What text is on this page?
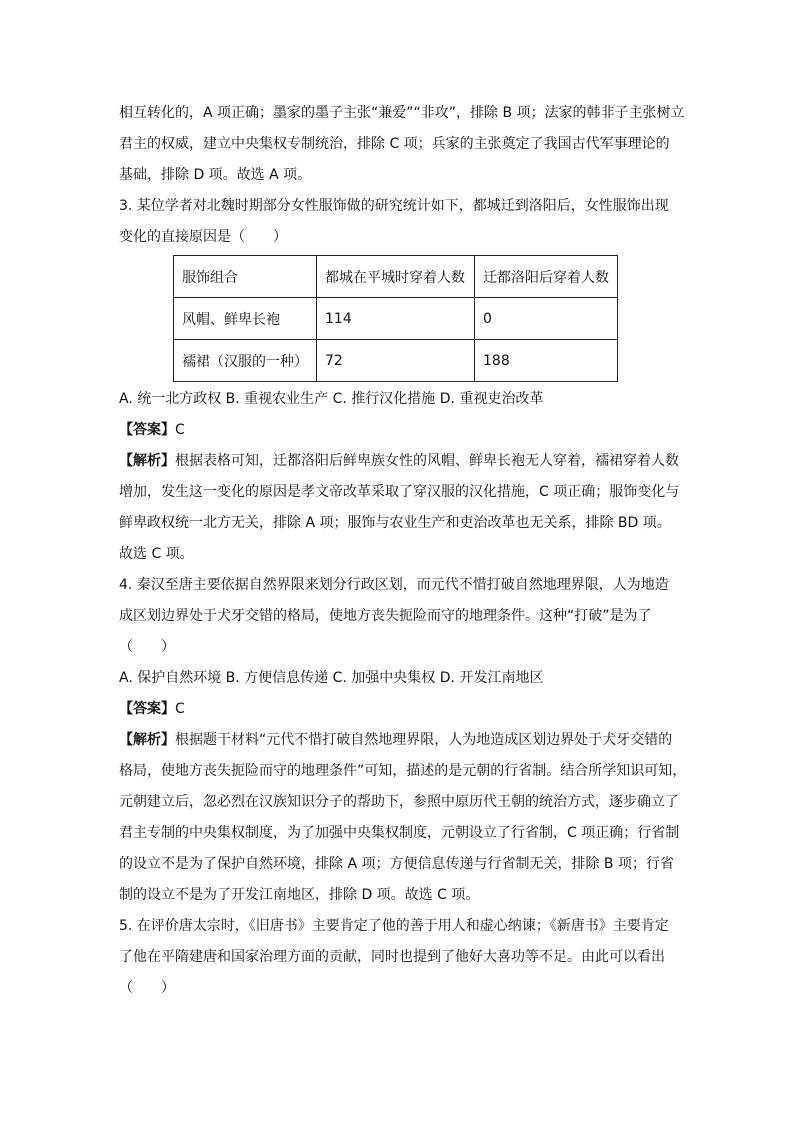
相互转化的，A 项正确；墨家的墨子主张“兼爱”“非攻”，排除 B 项；法家的韩非子主张树立
君主的权威，建立中央集权专制统治，排除 C 项；兵家的主张奠定了我国古代军事理论的
基础，排除 D 项。故选 A 项。
3. 某位学者对北魏时期部分女性服饰做的研究统计如下，都城迁到洛阳后，女性服饰出现
变化的直接原因是（　　）
服饰组合	都城在平城时穿着人数	迁都洛阳后穿着人数
风帽、鲜卑长袍	114	0
襦裙（汉服的一种）	72	188
A. 统一北方政权 B. 重视农业生产 C. 推行汉化措施 D. 重视吏治改革
【答案】C
【解析】根据表格可知，迁都洛阳后鲜卑族女性的风帽、鲜卑长袍无人穿着，襦裙穿着人数
增加，发生这一变化的原因是孝文帝改革采取了穿汉服的汉化措施，C 项正确；服饰变化与
鲜卑政权统一北方无关，排除 A 项；服饰与农业生产和吏治改革也无关系，排除 BD 项。
故选 C 项。
4. 秦汉至唐主要依据自然界限来划分行政区划，而元代不惜打破自然地理界限，人为地造
成区划边界处于犬牙交错的格局，使地方丧失扼险而守的地理条件。这种“打破”是为了
（　　）
A. 保护自然环境 B. 方便信息传递 C. 加强中央集权 D. 开发江南地区
【答案】C
【解析】根据题干材料“元代不惜打破自然地理界限，人为地造成区划边界处于犬牙交错的
格局，使地方丧失扼险而守的地理条件”可知，描述的是元朝的行省制。结合所学知识可知，
元朝建立后，忽必烈在汉族知识分子的帮助下，参照中原历代王朝的统治方式，逐步确立了
君主专制的中央集权制度，为了加强中央集权制度，元朝设立了行省制，C 项正确；行省制
的设立不是为了保护自然环境，排除 A 项；方便信息传递与行省制无关，排除 B 项；行省
制的设立不是为了开发江南地区，排除 D 项。故选 C 项。
5. 在评价唐太宗时，《旧唐书》主要肯定了他的善于用人和虚心纳谏；《新唐书》主要肯定
了他在平隋建唐和国家治理方面的贡献，同时也提到了他好大喜功等不足。由此可以看出
（　　）
